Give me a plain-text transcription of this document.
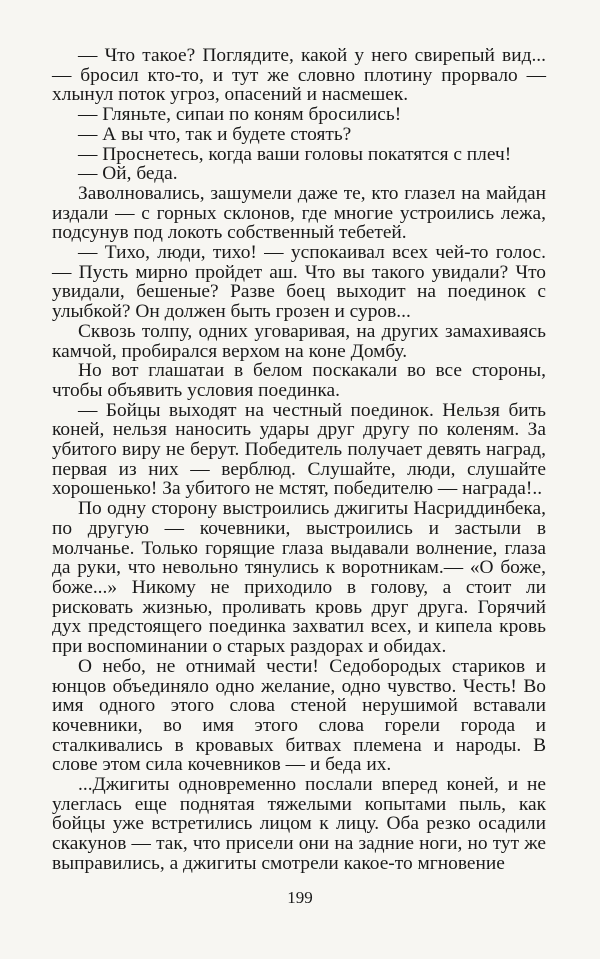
— Что такое? Поглядите, какой у него свирепый вид...— бросил кто-то, и тут же словно плотину прорвало — хлынул поток угроз, опасений и насмешек.

— Гляньте, сипаи по коням бросились!

— А вы что, так и будете стоять?

— Проснетесь, когда ваши головы покатятся с плеч!

— Ой, беда.

Заволновались, зашумели даже те, кто глазел на майдан издали — с горных склонов, где многие устроились лежа, подсунув под локоть собственный тебетей.

— Тихо, люди, тихо! — успокаивал всех чей-то голос. — Пусть мирно пройдет аш. Что вы такого увидали? Что увидали, бешеные? Разве боец выходит на поединок с улыбкой? Он должен быть грозен и суров...

Сквозь толпу, одних уговаривая, на других замахиваясь камчой, пробирался верхом на коне Домбу.

Но вот глашатаи в белом поскакали во все стороны, чтобы объявить условия поединка.

— Бойцы выходят на честный поединок. Нельзя бить коней, нельзя наносить удары друг другу по коленям. За убитого виру не берут. Победитель получает девять наград, первая из них — верблюд. Слушайте, люди, слушайте хорошенько! За убитого не мстят, победителю — награда!..

По одну сторону выстроились джигиты Насриддинбека, по другую — кочевники, выстроились и застыли в молчанье. Только горящие глаза выдавали волнение, глаза да руки, что невольно тянулись к воротникам.— «О боже, боже...» Никому не приходило в голову, а стоит ли рисковать жизнью, проливать кровь друг друга. Горячий дух предстоящего поединка захватил всех, и кипела кровь при воспоминании о старых раздорах и обидах.

О небо, не отнимай чести! Седобородых стариков и юнцов объединяло одно желание, одно чувство. Честь! Во имя одного этого слова стеной нерушимой вставали кочевники, во имя этого слова горели города и сталкивались в кровавых битвах племена и народы. В слове этом сила кочевников — и беда их.

...Джигиты одновременно послали вперед коней, и не улеглась еще поднятая тяжелыми копытами пыль, как бойцы уже встретились лицом к лицу. Оба резко осадили скакунов — так, что присели они на задние ноги, но тут же выправились, а джигиты смотрели какое-то мгновение

199
